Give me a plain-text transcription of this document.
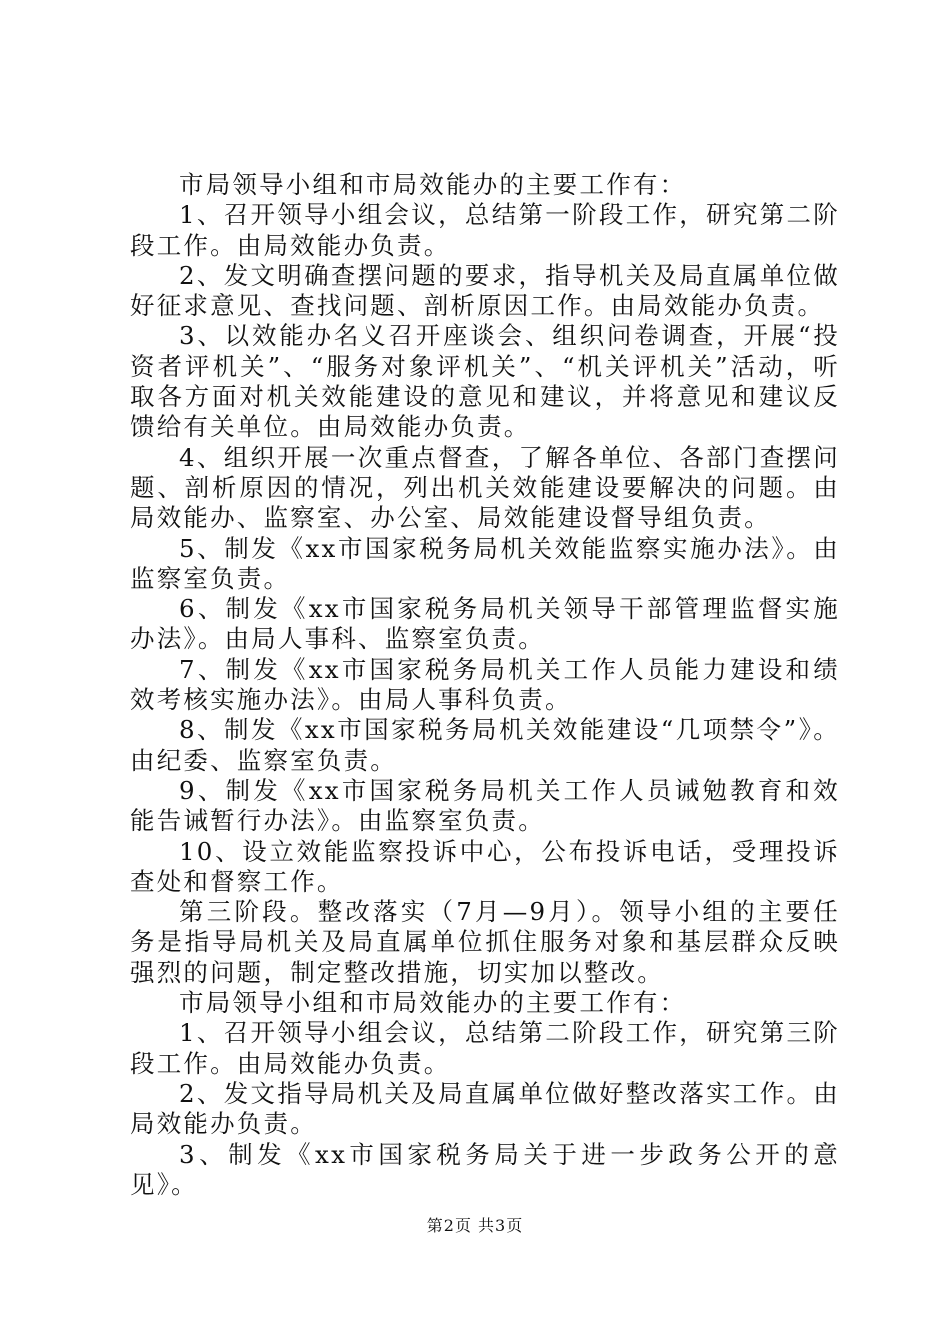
市局领导小组和市局效能办的主要工作有：

1、召开领导小组会议，总结第一阶段工作，研究第二阶段工作。由局效能办负责。

2、发文明确查摆问题的要求，指导机关及局直属单位做好征求意见、查找问题、剖析原因工作。由局效能办负责。

3、以效能办名义召开座谈会、组织问卷调查，开展“投资者评机关”、“服务对象评机关”、“机关评机关”活动，听取各方面对机关效能建设的意见和建议，并将意见和建议反馈给有关单位。由局效能办负责。

4、组织开展一次重点督查，了解各单位、各部门查摆问题、剖析原因的情况，列出机关效能建设要解决的问题。由局效能办、监察室、办公室、局效能建设督导组负责。

5、制发《xx市国家税务局机关效能监察实施办法》。由监察室负责。

6、制发《xx市国家税务局机关领导干部管理监督实施办法》。由局人事科、监察室负责。

7、制发《xx市国家税务局机关工作人员能力建设和绩效考核实施办法》。由局人事科负责。

8、制发《xx市国家税务局机关效能建设“几项禁令”》。由纪委、监察室负责。

9、制发《xx市国家税务局机关工作人员诫勉教育和效能告诫暂行办法》。由监察室负责。

10、设立效能监察投诉中心，公布投诉电话，受理投诉查处和督察工作。

第三阶段。整改落实（7月—9月）。领导小组的主要任务是指导局机关及局直属单位抓住服务对象和基层群众反映强烈的问题，制定整改措施，切实加以整改。

市局领导小组和市局效能办的主要工作有：

1、召开领导小组会议，总结第二阶段工作，研究第三阶段工作。由局效能办负责。

2、发文指导局机关及局直属单位做好整改落实工作。由局效能办负责。

3、制发《xx市国家税务局关于进一步政务公开的意见》。

第2页 共3页
